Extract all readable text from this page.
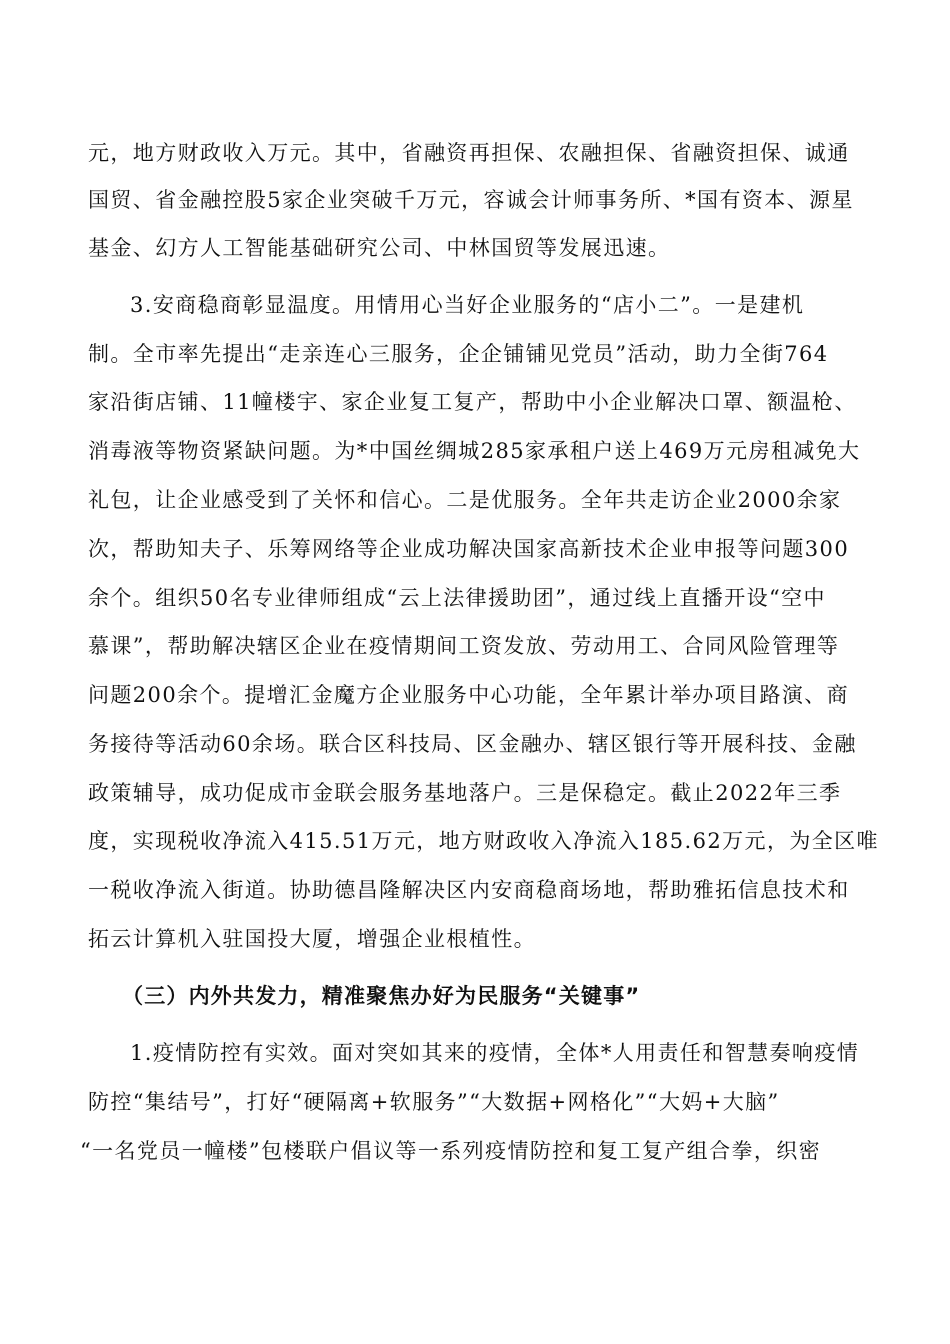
元，地方财政收入万元。其中，省融资再担保、农融担保、省融资担保、诚通
国贸、省金融控股5家企业突破千万元，容诚会计师事务所、*国有资本、源星
基金、幻方人工智能基础研究公司、中林国贸等发展迅速。
3.安商稳商彰显温度。用情用心当好企业服务的“店小二”。一是建机
制。全市率先提出“走亲连心三服务，企企铺铺见党员”活动，助力全街764
家沿街店铺、11幢楼宇、家企业复工复产，帮助中小企业解决口罩、额温枪、
消毒液等物资紧缺问题。为*中国丝绸城285家承租户送上469万元房租减免大
礼包，让企业感受到了关怀和信心。二是优服务。全年共走访企业2000余家
次，帮助知夫子、乐筹网络等企业成功解决国家高新技术企业申报等问题300
余个。组织50名专业律师组成“云上法律援助团”，通过线上直播开设“空中
慕课”，帮助解决辖区企业在疫情期间工资发放、劳动用工、合同风险管理等
问题200余个。提增汇金魔方企业服务中心功能，全年累计举办项目路演、商
务接待等活动60余场。联合区科技局、区金融办、辖区银行等开展科技、金融
政策辅导，成功促成市金联会服务基地落户。三是保稳定。截止2022年三季
度，实现税收净流入415.51万元，地方财政收入净流入185.62万元，为全区唯
一税收净流入街道。协助德昌隆解决区内安商稳商场地，帮助雅拓信息技术和
拓云计算机入驻国投大厦，增强企业根植性。
（三）内外共发力，精准聚焦办好为民服务“关键事”
1.疫情防控有实效。面对突如其来的疫情，全体*人用责任和智慧奏响疫情
防控“集结号”，打好“硬隔离+软服务”“大数据+网格化”“大妈+大脑”
“一名党员一幢楼”包楼联户倡议等一系列疫情防控和复工复产组合拳，织密
